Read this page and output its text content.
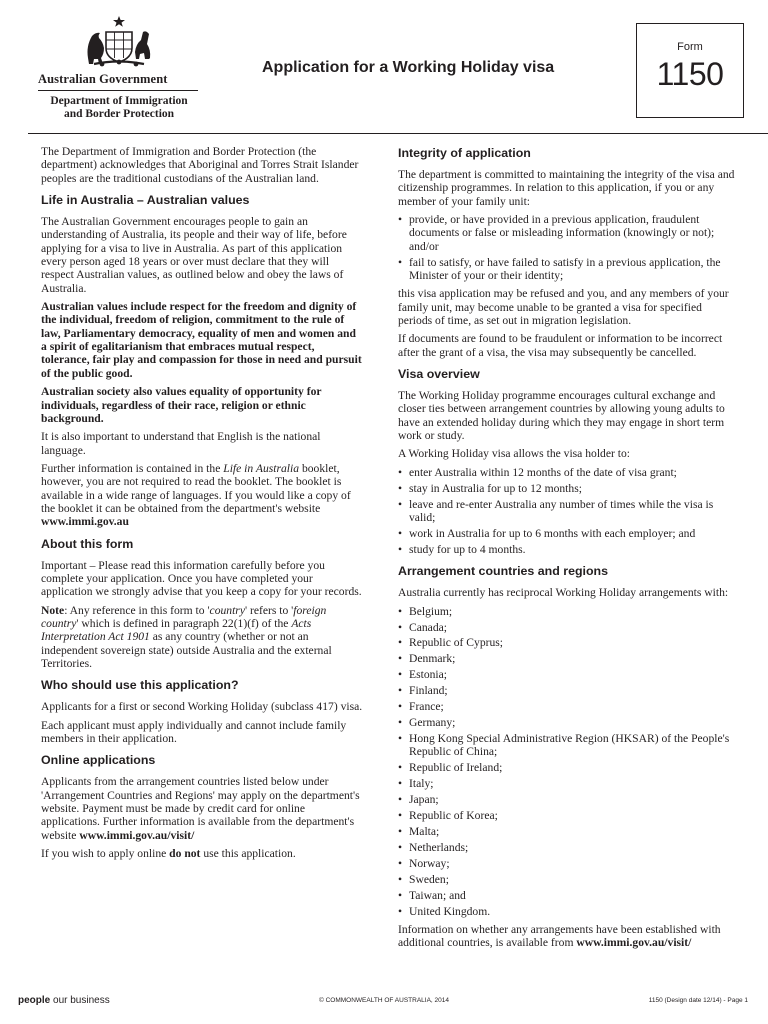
Australian Government
Department of Immigration
and Border Protection
Application for a Working Holiday visa
Form
1150

The Department of Immigration and Border Protection (the department) acknowledges that Aboriginal and Torres Strait Islander peoples are the traditional custodians of the Australian land.

Life in Australia – Australian values

The Australian Government encourages people to gain an understanding of Australia, its people and their way of life, before applying for a visa to live in Australia. As part of this application every person aged 18 years or over must declare that they will respect Australian values, as outlined below and obey the laws of Australia.

Australian values include respect for the freedom and dignity of the individual, freedom of religion, commitment to the rule of law, Parliamentary democracy, equality of men and women and a spirit of egalitarianism that embraces mutual respect, tolerance, fair play and compassion for those in need and pursuit of the public good.

Australian society also values equality of opportunity for individuals, regardless of their race, religion or ethnic background.

It is also important to understand that English is the national language.

Further information is contained in the Life in Australia booklet, however, you are not required to read the booklet. The booklet is available in a wide range of languages. If you would like a copy of the booklet it can be obtained from the department's website www.immi.gov.au

About this form

Important – Please read this information carefully before you complete your application. Once you have completed your application we strongly advise that you keep a copy for your records.

Note: Any reference in this form to 'country' refers to 'foreign country' which is defined in paragraph 22(1)(f) of the Acts Interpretation Act 1901 as any country (whether or not an independent sovereign state) outside Australia and the external Territories.

Who should use this application?

Applicants for a first or second Working Holiday (subclass 417) visa.

Each applicant must apply individually and cannot include family members in their application.

Online applications

Applicants from the arrangement countries listed below under 'Arrangement Countries and Regions' may apply on the department's website. Payment must be made by credit card for online applications. Further information is available from the department's website www.immi.gov.au/visit/

If you wish to apply online do not use this application.

Integrity of application

The department is committed to maintaining the integrity of the visa and citizenship programmes. In relation to this application, if you or any member of your family unit:

• provide, or have provided in a previous application, fraudulent documents or false or misleading information (knowingly or not); and/or
• fail to satisfy, or have failed to satisfy in a previous application, the Minister of your or their identity;

this visa application may be refused and you, and any members of your family unit, may become unable to be granted a visa for specified periods of time, as set out in migration legislation.

If documents are found to be fraudulent or information to be incorrect after the grant of a visa, the visa may subsequently be cancelled.

Visa overview

The Working Holiday programme encourages cultural exchange and closer ties between arrangement countries by allowing young adults to have an extended holiday during which they may engage in short term work or study.

A Working Holiday visa allows the visa holder to:

• enter Australia within 12 months of the date of visa grant;
• stay in Australia for up to 12 months;
• leave and re-enter Australia any number of times while the visa is valid;
• work in Australia for up to 6 months with each employer; and
• study for up to 4 months.
Arrangement countries and regions

Australia currently has reciprocal Working Holiday arrangements with:

• Belgium;
• Canada;
• Republic of Cyprus;
• Denmark;
• Estonia;
• Finland;
• France;
• Germany;
• Hong Kong Special Administrative Region (HKSAR) of the People's Republic of China;
• Republic of Ireland;
• Italy;
• Japan;
• Republic of Korea;
• Malta;
• Netherlands;
• Norway;
• Sweden;
• Taiwan; and
• United Kingdom.

Information on whether any arrangements have been established with additional countries, is available from www.immi.gov.au/visit/

people our business	© COMMONWEALTH OF AUSTRALIA, 2014	1150 (Design date 12/14) - Page 1
